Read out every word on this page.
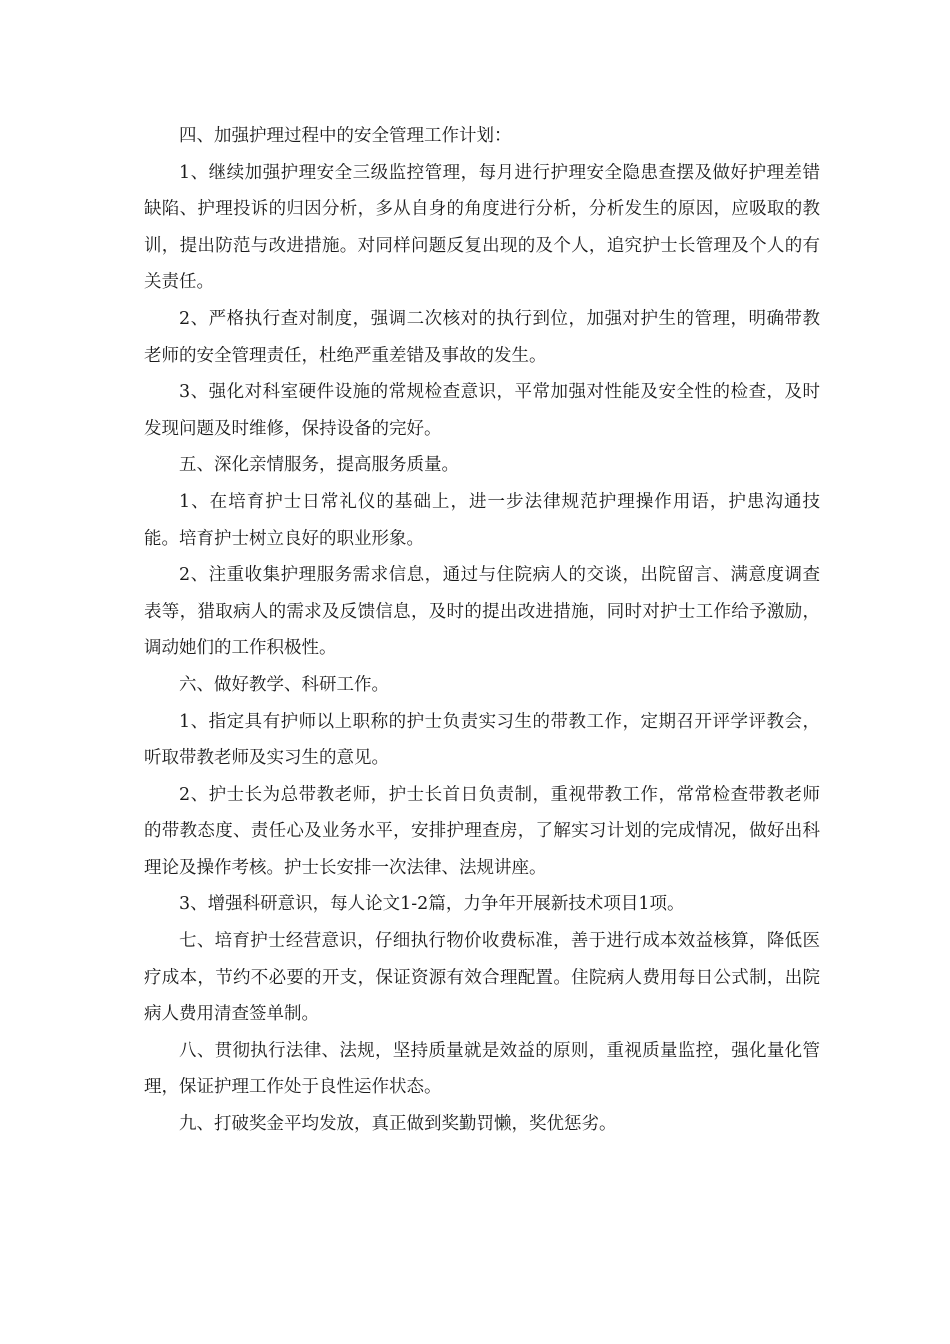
四、加强护理过程中的安全管理工作计划：

1、继续加强护理安全三级监控管理，每月进行护理安全隐患查摆及做好护理差错缺陷、护理投诉的归因分析，多从自身的角度进行分析，分析发生的原因，应吸取的教训，提出防范与改进措施。对同样问题反复出现的及个人，追究护士长管理及个人的有关责任。

2、严格执行查对制度，强调二次核对的执行到位，加强对护生的管理，明确带教老师的安全管理责任，杜绝严重差错及事故的发生。

3、强化对科室硬件设施的常规检查意识，平常加强对性能及安全性的检查，及时发现问题及时维修，保持设备的完好。

五、深化亲情服务，提高服务质量。

1、在培育护士日常礼仪的基础上，进一步法律规范护理操作用语，护患沟通技能。培育护士树立良好的职业形象。

2、注重收集护理服务需求信息，通过与住院病人的交谈，出院留言、满意度调查表等，猎取病人的需求及反馈信息，及时的提出改进措施，同时对护士工作给予激励，调动她们的工作积极性。

六、做好教学、科研工作。

1、指定具有护师以上职称的护士负责实习生的带教工作，定期召开评学评教会，听取带教老师及实习生的意见。

2、护士长为总带教老师，护士长首日负责制，重视带教工作，常常检查带教老师的带教态度、责任心及业务水平，安排护理查房，了解实习计划的完成情况，做好出科理论及操作考核。护士长安排一次法律、法规讲座。

3、增强科研意识，每人论文1-2篇，力争年开展新技术项目1项。

七、培育护士经营意识，仔细执行物价收费标准，善于进行成本效益核算，降低医疗成本，节约不必要的开支，保证资源有效合理配置。住院病人费用每日公式制，出院病人费用清查签单制。

八、贯彻执行法律、法规，坚持质量就是效益的原则，重视质量监控，强化量化管理，保证护理工作处于良性运作状态。

九、打破奖金平均发放，真正做到奖勤罚懒，奖优惩劣。
